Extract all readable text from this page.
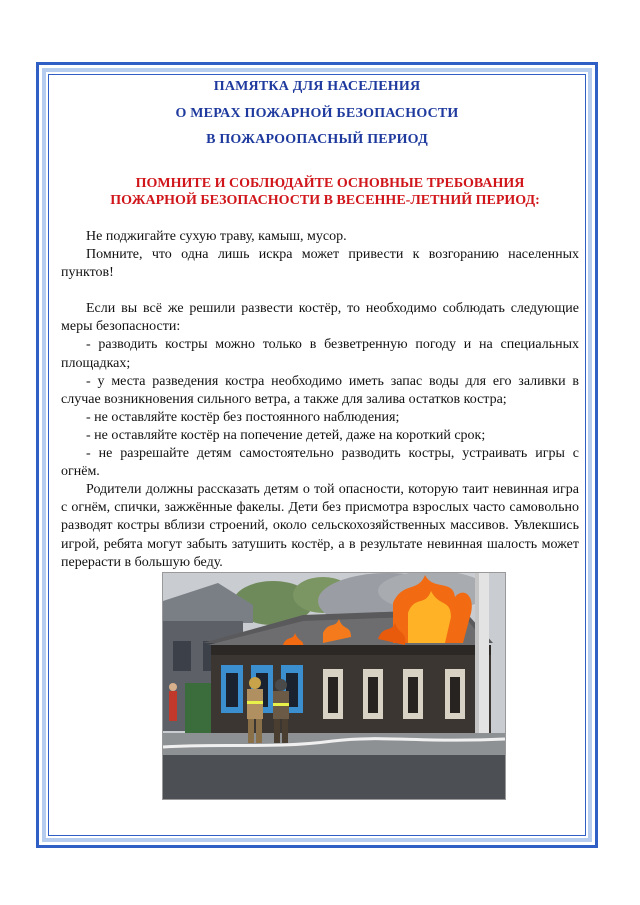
ПАМЯТКА ДЛЯ НАСЕЛЕНИЯ
О МЕРАХ ПОЖАРНОЙ БЕЗОПАСНОСТИ
В ПОЖАРООПАСНЫЙ ПЕРИОД
ПОМНИТЕ И СОБЛЮДАЙТЕ ОСНОВНЫЕ ТРЕБОВАНИЯ
ПОЖАРНОЙ БЕЗОПАСНОСТИ В ВЕСЕННЕ-ЛЕТНИЙ ПЕРИОД:

Не поджигайте сухую траву, камыш, мусор.

Помните, что одна лишь искра может привести к возгоранию населенных пунктов!

Если вы всё же решили развести костёр, то необходимо соблюдать следующие меры безопасности:

- разводить костры можно только в безветренную погоду и на специальных площадках;

- у места разведения костра необходимо иметь запас воды для его заливки в случае возникновения сильного ветра, а также для залива остатков костра;

- не оставляйте костёр без постоянного наблюдения;

- не оставляйте костёр на попечение детей, даже на короткий срок;

- не разрешайте детям самостоятельно разводить костры, устраивать игры с огнём.

Родители должны рассказать детям о той опасности, которую таит невинная игра с огнём, спички, зажжённые факелы. Дети без присмотра взрослых часто самовольно разводят костры вблизи строений, около сельскохозяйственных массивов. Увлекшись игрой, ребята могут забыть затушить костёр, а в результате невинная шалость может перерасти в большую беду.
